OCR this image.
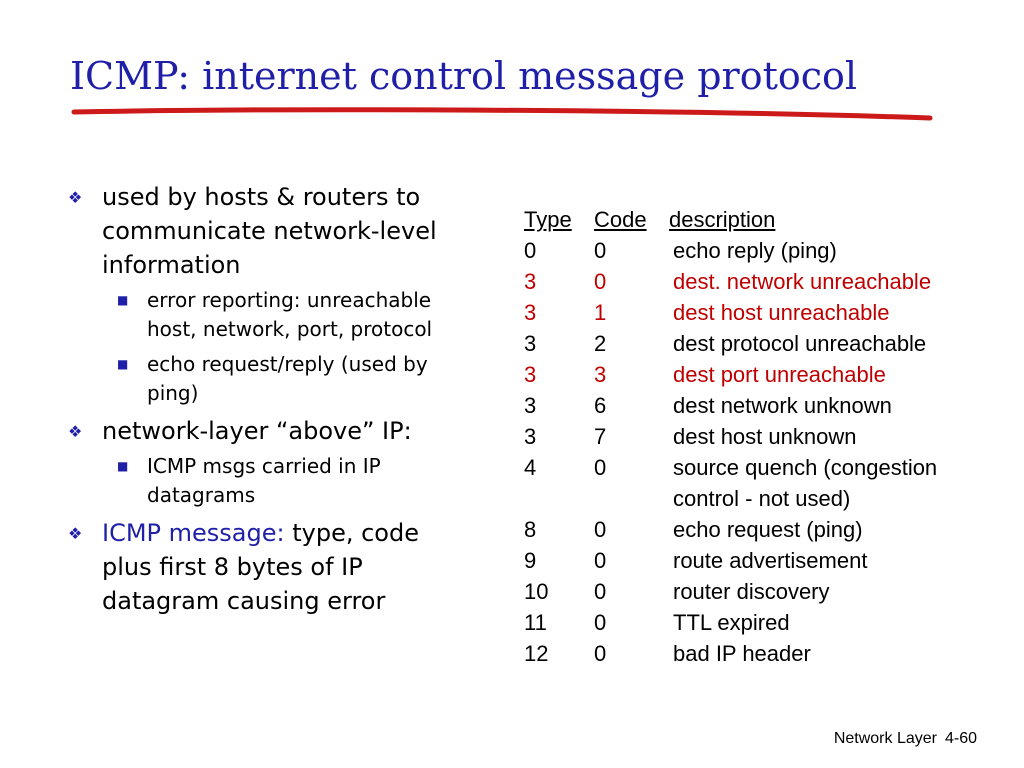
ICMP: internet control message protocol
❖ used by hosts & routers to communicate network-level information
■ error reporting: unreachable host, network, port, protocol
■ echo request/reply (used by ping)
❖ network-layer “above” IP:
■ ICMP msgs carried in IP datagrams
❖ ICMP message: type, code plus first 8 bytes of IP datagram causing error
Type Code description
0	0	echo reply (ping)
3	0	dest. network unreachable
3	1	dest host unreachable
3	2	dest protocol unreachable
3	3	dest port unreachable
3	6	dest network unknown
3	7	dest host unknown
4	0	source quench (congestion
control - not used)
8	0	echo request (ping)
9	0	route advertisement
10 0	router discovery
11 0	TTL expired
12 0	bad IP header
Network Layer 4-60
